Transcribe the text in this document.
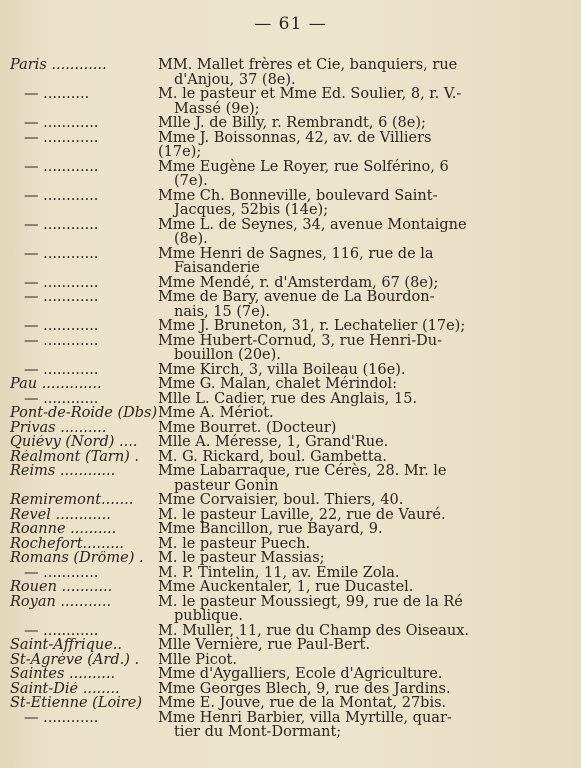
— 61 —
Paris ............	MM. Mallet frères et Cie, banquiers, rue
d'Anjou, 37 (8e).
— ..........	M. le pasteur et Mme Ed. Soulier, 8, r. V.-
Massé (9e);
— ............	Mlle J. de Billy, r. Rembrandt, 6 (8e);
— ............	Mme J. Boissonnas, 42, av. de Villiers (17e);
— ............	Mme Eugène Le Royer, rue Solférino, 6
(7e).
— ............	Mme Ch. Bonneville, boulevard Saint-
Jacques, 52bis (14e);
— ............	Mme L. de Seynes, 34, avenue Montaigne
(8e).
— ............	Mme Henri de Sagnes, 116, rue de la
Faisanderie
— ............	Mme Mendé, r. d'Amsterdam, 67 (8e);
— ............	Mme de Bary, avenue de La Bourdon-
nais, 15 (7e).
— ............	Mme J. Bruneton, 31, r. Lechatelier (17e);
— ............	Mme Hubert-Cornud, 3, rue Henri-Du-
bouillon (20e).
— ............	Mme Kirch, 3, villa Boileau (16e).
Pau .............	Mme G. Malan, chalet Mérindol:
— ............	Mlle L. Cadier, rue des Anglais, 15.
Pont-de-Roide (Dbs) Mme A. Mériot.
Privas ..........	Mme Bourret. (Docteur)
Quiévy (Nord) ....	Mlle A. Méresse, 1, Grand'Rue.
Réalmont (Tarn) .	M. G. Rickard, boul. Gambetta.
Reims ............	Mme Labarraque, rue Cérès, 28. Mr. le
pasteur Gonin
Remiremont.......	Mme Corvaisier, boul. Thiers, 40.
Revel ............	M. le pasteur Laville, 22, rue de Vauré.
Roanne ..........	Mme Bancillon, rue Bayard, 9.
Rochefort.........	M. le pasteur Puech.
Romans (Drôme) . M. le pasteur Massias;
— ............	M. P. Tintelin, 11, av. Emile Zola.
Rouen ...........	Mme Auckentaler, 1, rue Ducastel.
Royan ...........	M. le pasteur Moussiegt, 99, rue de la Ré
publique.
— ............	M. Muller, 11, rue du Champ des Oiseaux.
Saint-Affrique..	Mlle Vernière, rue Paul-Bert.
St-Agrève (Ard.) .	Mlle Picot.
Saintes ..........	Mme d'Aygalliers, Ecole d'Agriculture.
Saint-Dié ........	Mme Georges Blech, 9, rue des Jardins.
St-Etienne (Loire)	Mme E. Jouve, rue de la Montat, 27bis.
— ............	Mme Henri Barbier, villa Myrtille, quar-
tier du Mont-Dormant;
